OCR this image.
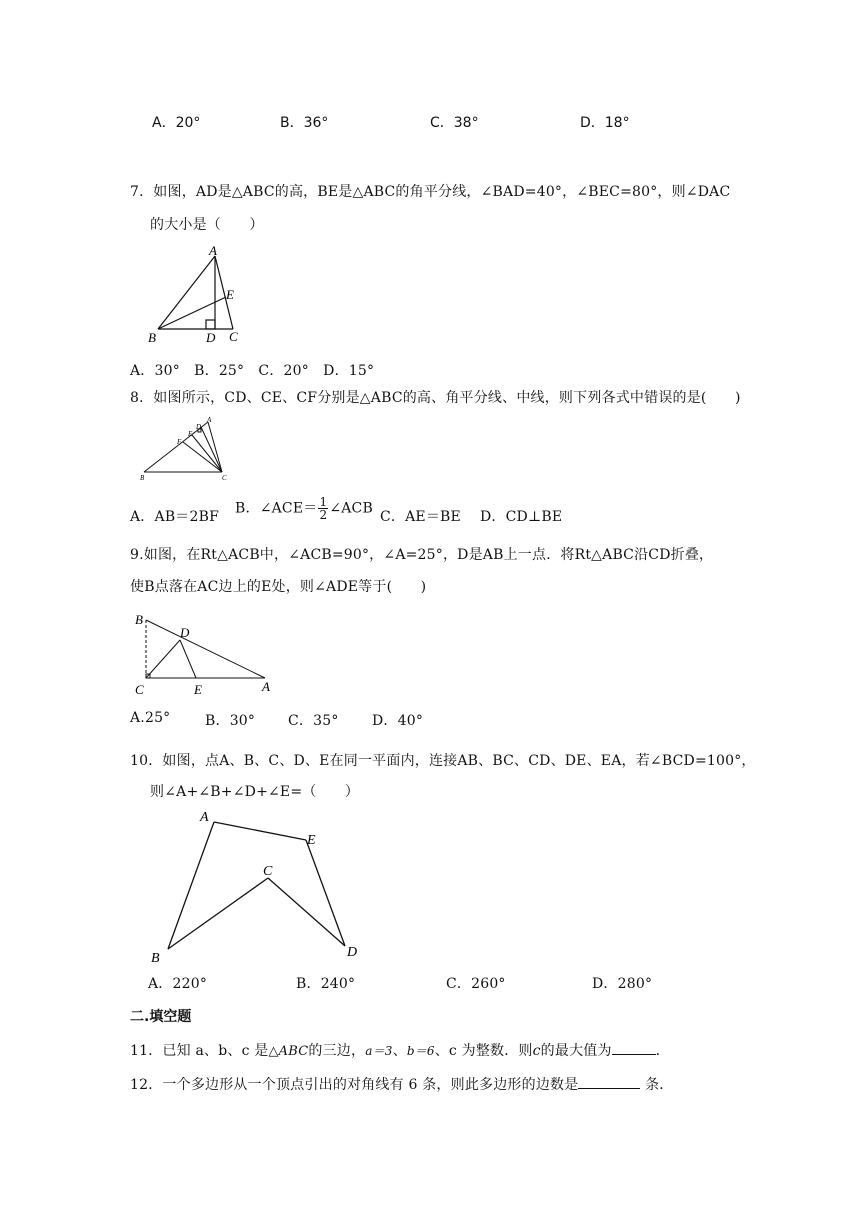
A．20°	B．36°	C．38°	D．18°
7．如图，AD是△ABC的高，BE是△ABC的角平分线，∠BAD=40°，∠BEC=80°，则∠DAC
的大小是（　　）
A
B	C
D
E
A．30°　B．25°　C．20°　D．15°
8．如图所示，CD、CE、CF分别是△ABC的高、角平分线、中线，则下列各式中错误的是(　　)
A
B	C
D
E
F
A．AB＝2BF
B．∠ACE＝ $\frac{1}{2}$ ∠ACB
C．AE＝BE D．CD⊥BE
9.如图，在Rt△ACB中，∠ACB=90°，∠A=25°，D是AB上一点．将Rt△ABC沿CD折叠，
使B点落在AC边上的E处，则∠ADE等于(　　)
B
D
C	E	A
A.25° B．30° C．35° D．40°
10．如图，点A、B、C、D、E在同一平面内，连接AB、BC、CD、DE、EA，若∠BCD=100°，
则∠A+∠B+∠D+∠E=（　　）
A
E
C
B	D
A．220°	B．240°	C．260°	D．280°
二.填空题
11．已知 a、b、c 是△ABC的三边，a＝3、b＝6、c 为整数．则c的最大值为	．
12．一个多边形从一个顶点引出的对角线有 6 条，则此多边形的边数是	条．
